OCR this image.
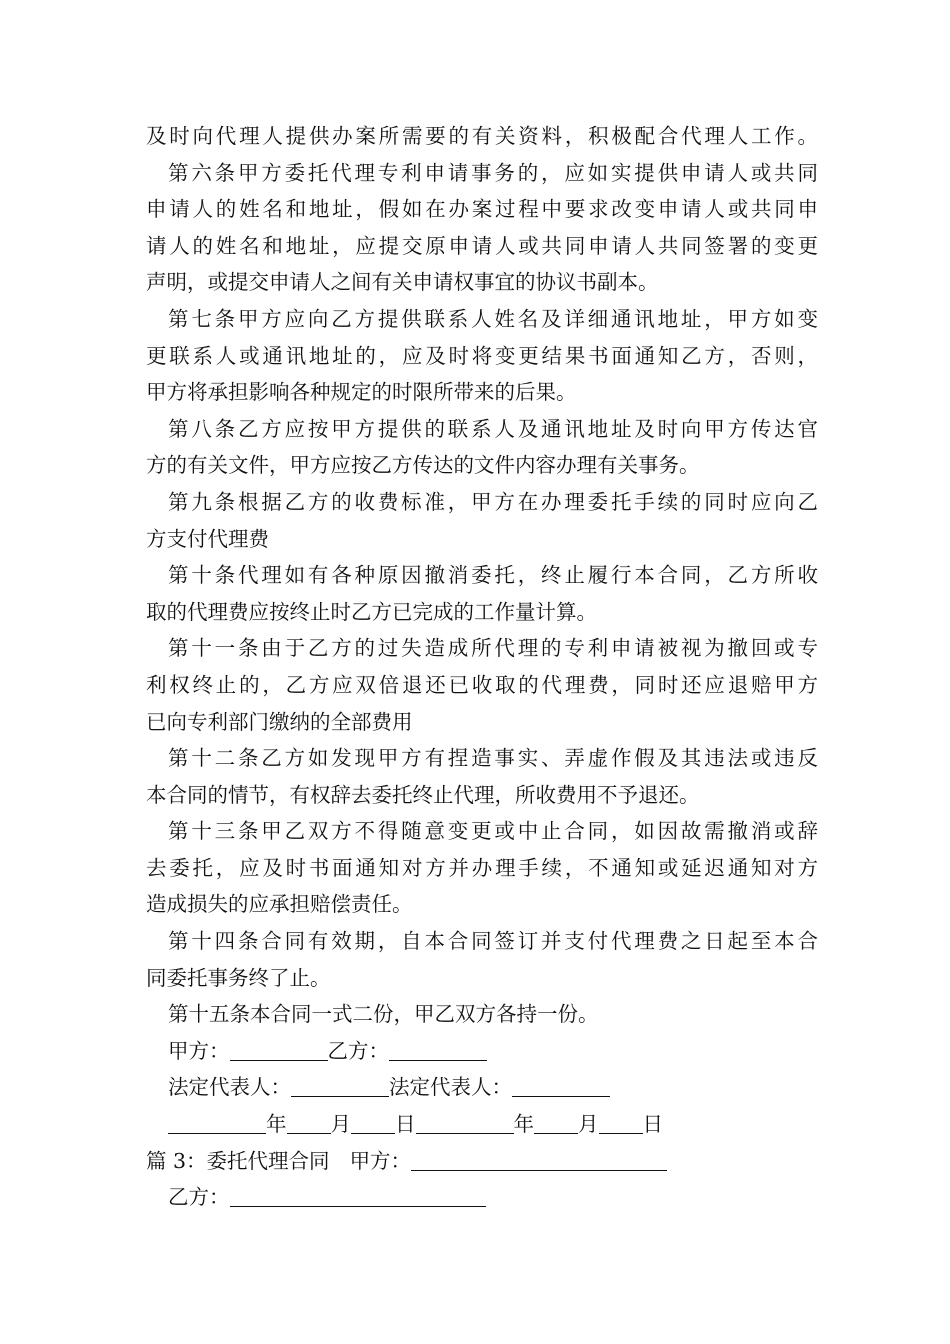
及时向代理人提供办案所需要的有关资料，积极配合代理人工作。
第六条甲方委托代理专利申请事务的，应如实提供申请人或共同
申请人的姓名和地址，假如在办案过程中要求改变申请人或共同申
请人的姓名和地址，应提交原申请人或共同申请人共同签署的变更
声明，或提交申请人之间有关申请权事宜的协议书副本。
第七条甲方应向乙方提供联系人姓名及详细通讯地址，甲方如变
更联系人或通讯地址的，应及时将变更结果书面通知乙方，否则，
甲方将承担影响各种规定的时限所带来的后果。
第八条乙方应按甲方提供的联系人及通讯地址及时向甲方传达官
方的有关文件，甲方应按乙方传达的文件内容办理有关事务。
第九条根据乙方的收费标准，甲方在办理委托手续的同时应向乙
方支付代理费
第十条代理如有各种原因撤消委托，终止履行本合同，乙方所收
取的代理费应按终止时乙方已完成的工作量计算。
第十一条由于乙方的过失造成所代理的专利申请被视为撤回或专
利权终止的，乙方应双倍退还已收取的代理费，同时还应退赔甲方
已向专利部门缴纳的全部费用
第十二条乙方如发现甲方有捏造事实、弄虚作假及其违法或违反
本合同的情节，有权辞去委托终止代理，所收费用不予退还。
第十三条甲乙双方不得随意变更或中止合同，如因故需撤消或辞
去委托，应及时书面通知对方并办理手续，不通知或延迟通知对方
造成损失的应承担赔偿责任。
第十四条合同有效期，自本合同签订并支付代理费之日起至本合
同委托事务终了止。
第十五条本合同一式二份，甲乙双方各持一份。
甲方：	乙方：
法定代表人：	法定代表人：
年 月 日	年 月 日
篇 3：委托代理合同 甲方：
乙方：
